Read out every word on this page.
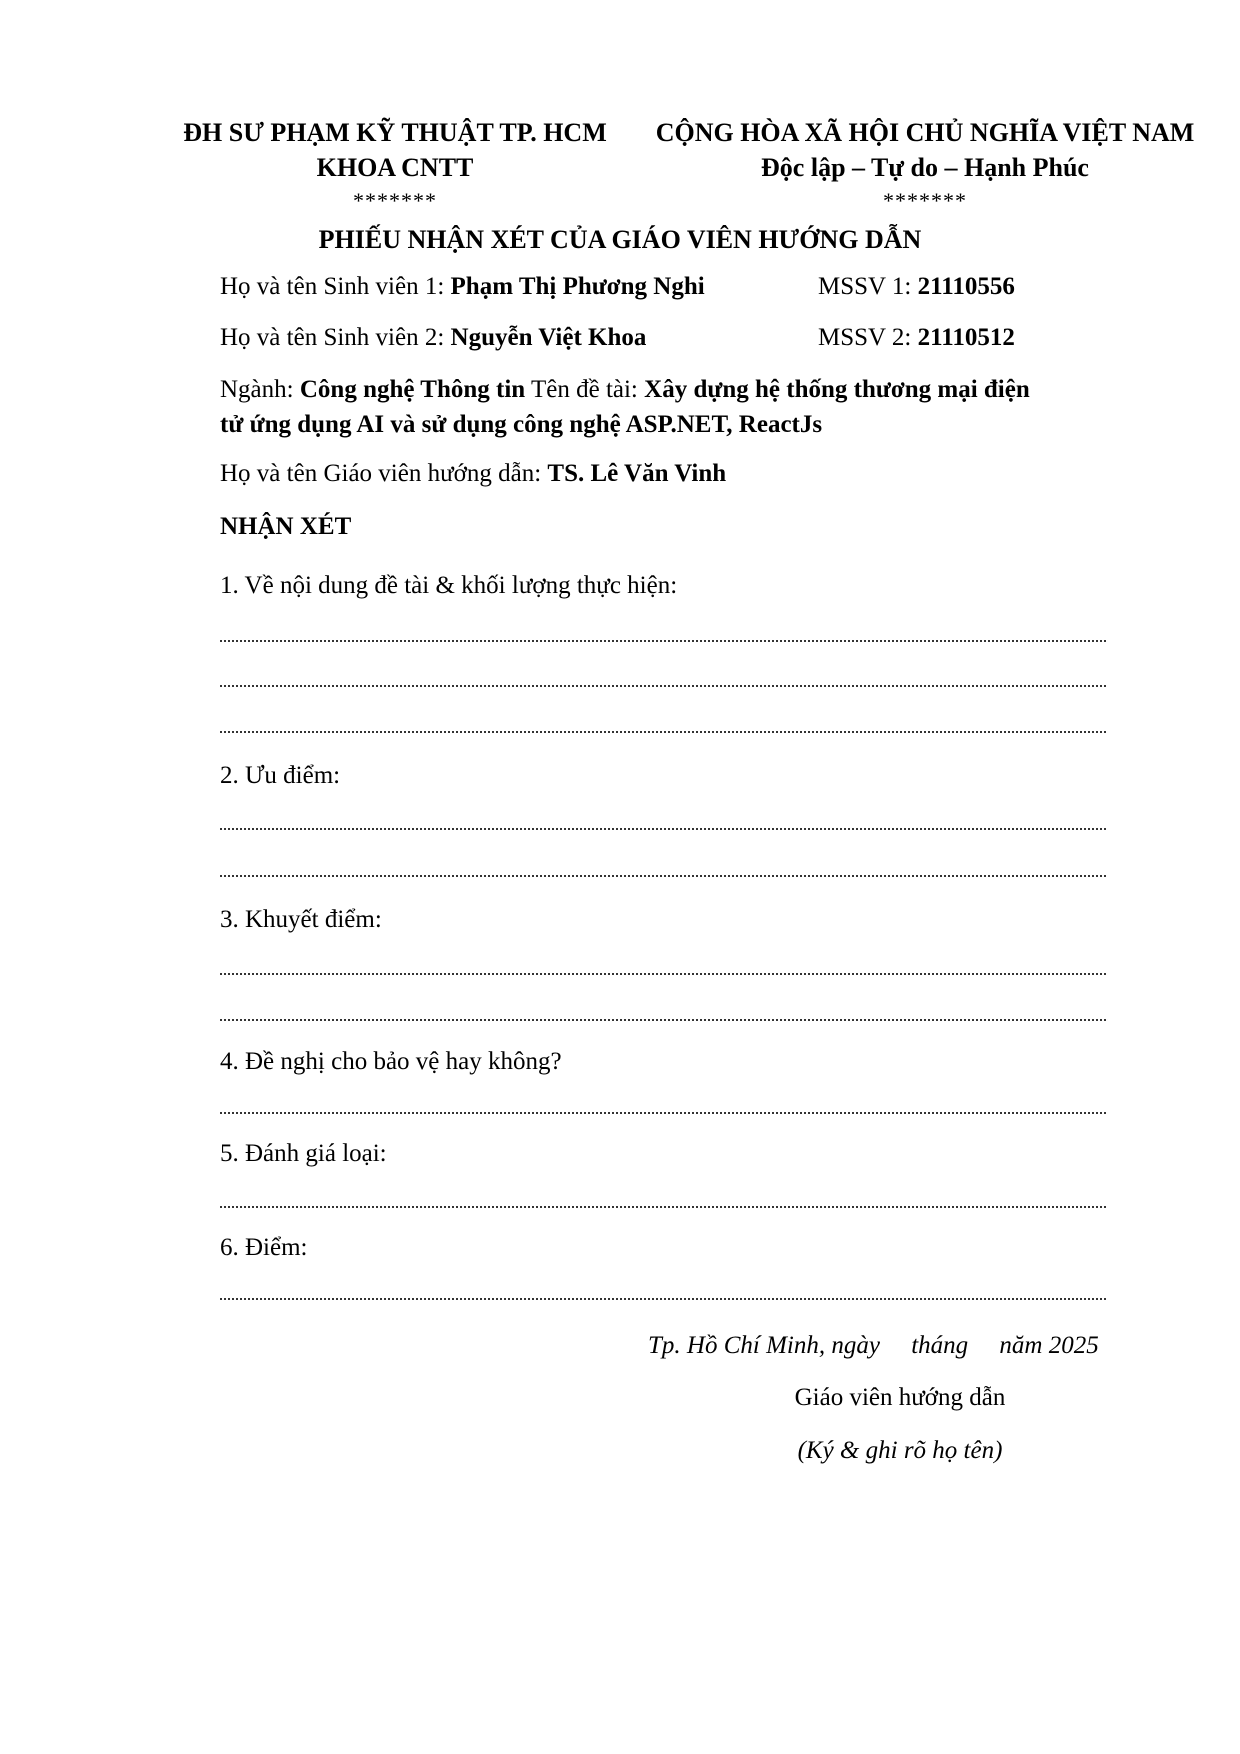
ĐH SƯ PHẠM KỸ THUẬT TP. HCM
KHOA CNTT
*******
CỘNG HÒA XÃ HỘI CHỦ NGHĨA VIỆT NAM
Độc lập – Tự do – Hạnh Phúc
*******
PHIẾU NHẬN XÉT CỦA GIÁO VIÊN HƯỚNG DẪN
Họ và tên Sinh viên 1: Phạm Thị Phương Nghi	MSSV 1: 21110556
Họ và tên Sinh viên 2: Nguyễn Việt Khoa	MSSV 2: 21110512
Ngành: Công nghệ Thông tin Tên đề tài: Xây dựng hệ thống thương mại điện
tử ứng dụng AI và sử dụng công nghệ ASP.NET, ReactJs
Họ và tên Giáo viên hướng dẫn: TS. Lê Văn Vinh
NHẬN XÉT
1. Về nội dung đề tài & khối lượng thực hiện:
2. Ưu điểm:
3. Khuyết điểm:
4. Đề nghị cho bảo vệ hay không?
5. Đánh giá loại:
6. Điểm:
Tp. Hồ Chí Minh, ngày     tháng     năm 2025
Giáo viên hướng dẫn
(Ký & ghi rõ họ tên)
